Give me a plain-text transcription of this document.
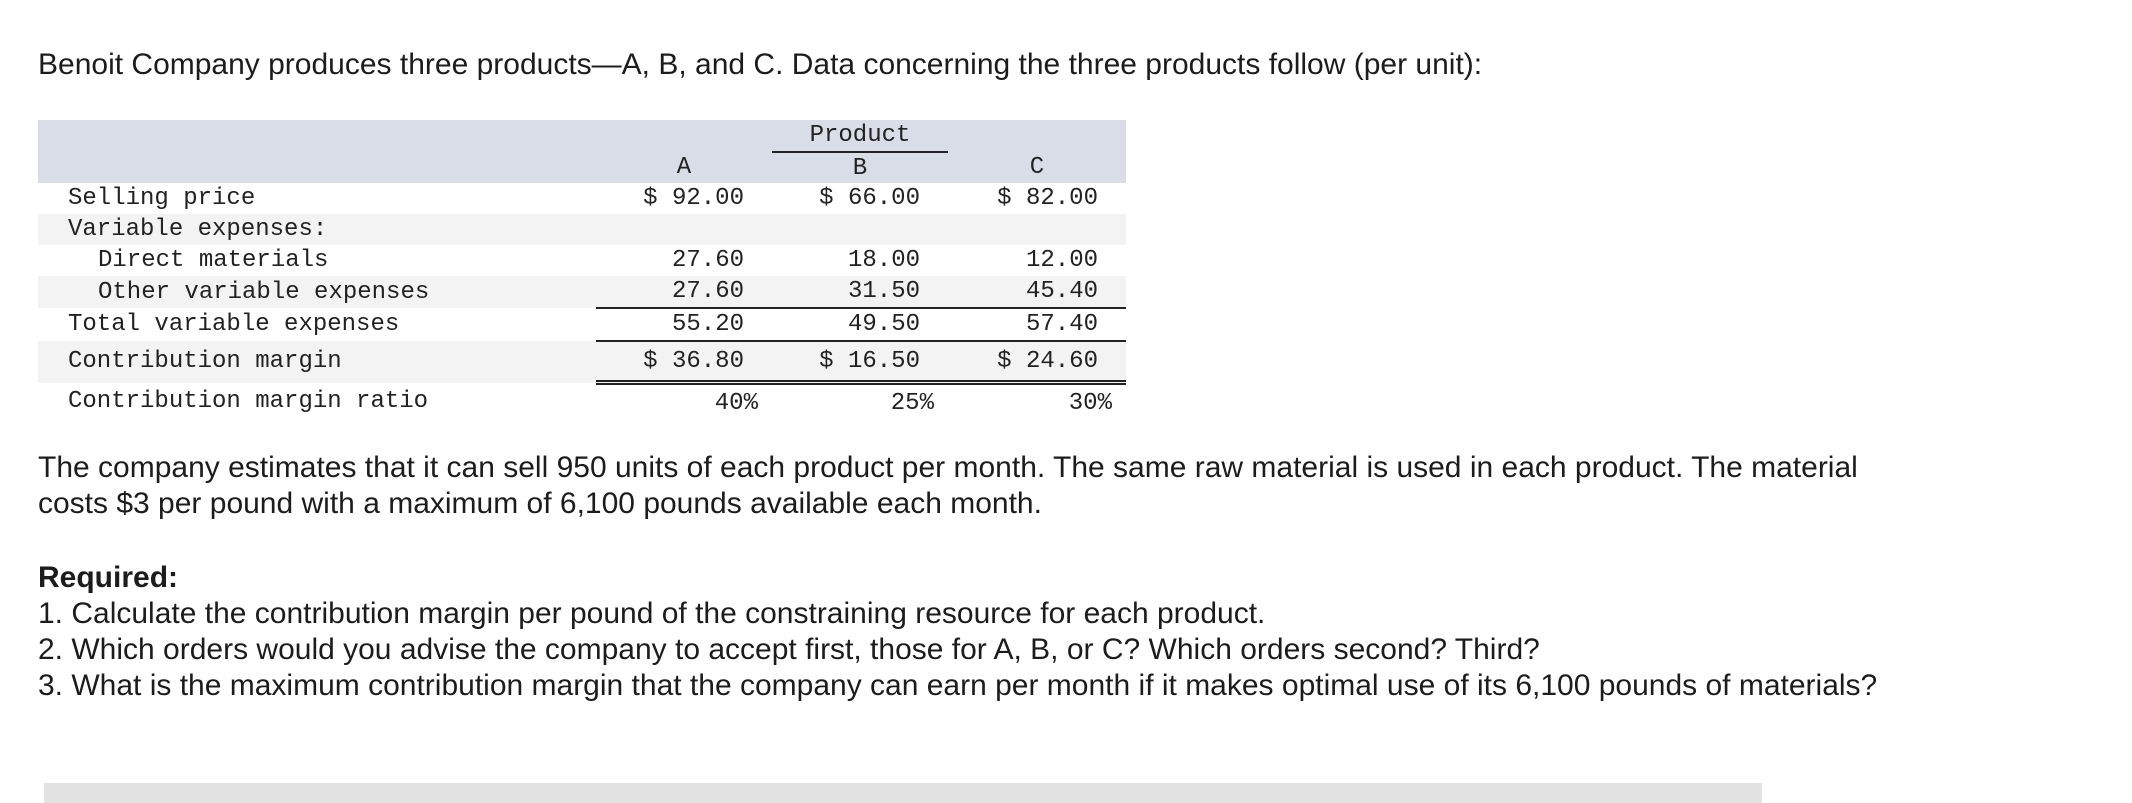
Benoit Company produces three products—A, B, and C. Data concerning the three products follow (per unit):

		Product	
	A	B	C
Selling price	$ 92.00	$ 66.00	$ 82.00
Variable expenses:			
Direct materials	27.60	18.00	12.00
Other variable expenses	27.60	31.50	45.40
Total variable expenses	55.20	49.50	57.40
Contribution margin	$ 36.80	$ 16.50	$ 24.60
Contribution margin ratio	40%	25%	30%

The company estimates that it can sell 950 units of each product per month. The same raw material is used in each product. The material costs $3 per pound with a maximum of 6,100 pounds available each month.

Required:
1. Calculate the contribution margin per pound of the constraining resource for each product.
2. Which orders would you advise the company to accept first, those for A, B, or C? Which orders second? Third?
3. What is the maximum contribution margin that the company can earn per month if it makes optimal use of its 6,100 pounds of materials?
